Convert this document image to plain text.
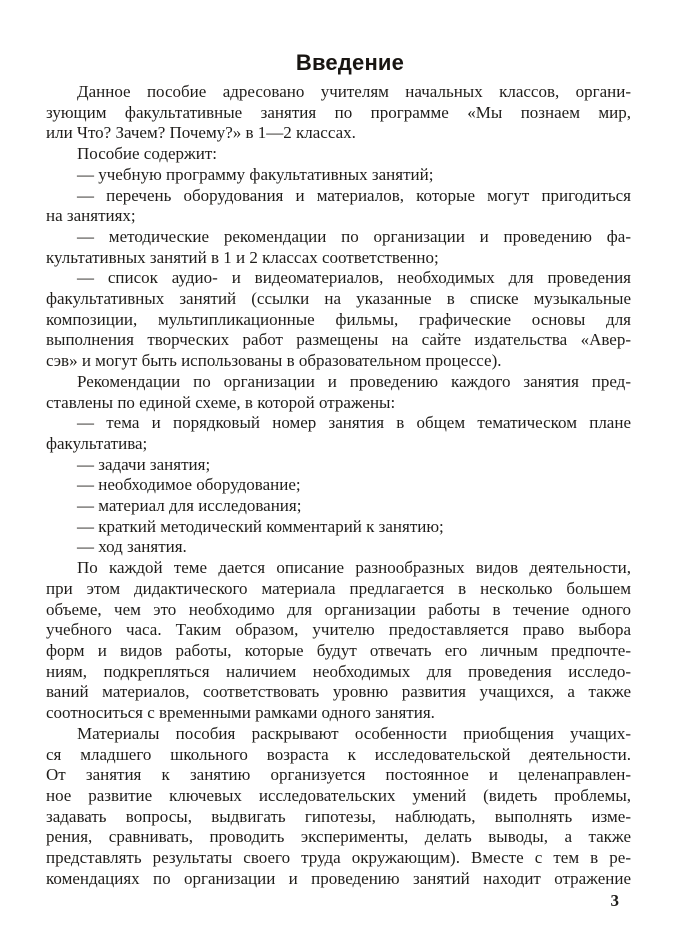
Введение
Данное пособие адресовано учителям начальных классов, органи-
зующим факультативные занятия по программе «Мы познаем мир,
или Что? Зачем? Почему?» в 1—2 классах.
Пособие содержит:
— учебную программу факультативных занятий;
— перечень оборудования и материалов, которые могут пригодиться
на занятиях;
— методические рекомендации по организации и проведению фа-
культативных занятий в 1 и 2 классах соответственно;
— список аудио- и видеоматериалов, необходимых для проведения
факультативных занятий (ссылки на указанные в списке музыкальные
композиции, мультипликационные фильмы, графические основы для
выполнения творческих работ размещены на сайте издательства «Авер-
сэв» и могут быть использованы в образовательном процессе).
Рекомендации по организации и проведению каждого занятия пред-
ставлены по единой схеме, в которой отражены:
— тема и порядковый номер занятия в общем тематическом плане
факультатива;
— задачи занятия;
— необходимое оборудование;
— материал для исследования;
— краткий методический комментарий к занятию;
— ход занятия.
По каждой теме дается описание разнообразных видов деятельности,
при этом дидактического материала предлагается в несколько большем
объеме, чем это необходимо для организации работы в течение одного
учебного часа. Таким образом, учителю предоставляется право выбора
форм и видов работы, которые будут отвечать его личным предпочте-
ниям, подкрепляться наличием необходимых для проведения исследо-
ваний материалов, соответствовать уровню развития учащихся, а также
соотноситься с временными рамками одного занятия.
Материалы пособия раскрывают особенности приобщения учащих-
ся младшего школьного возраста к исследовательской деятельности.
От занятия к занятию организуется постоянное и целенаправлен-
ное развитие ключевых исследовательских умений (видеть проблемы,
задавать вопросы, выдвигать гипотезы, наблюдать, выполнять изме-
рения, сравнивать, проводить эксперименты, делать выводы, а также
представлять результаты своего труда окружающим). Вместе с тем в ре-
комендациях по организации и проведению занятий находит отражение
3
